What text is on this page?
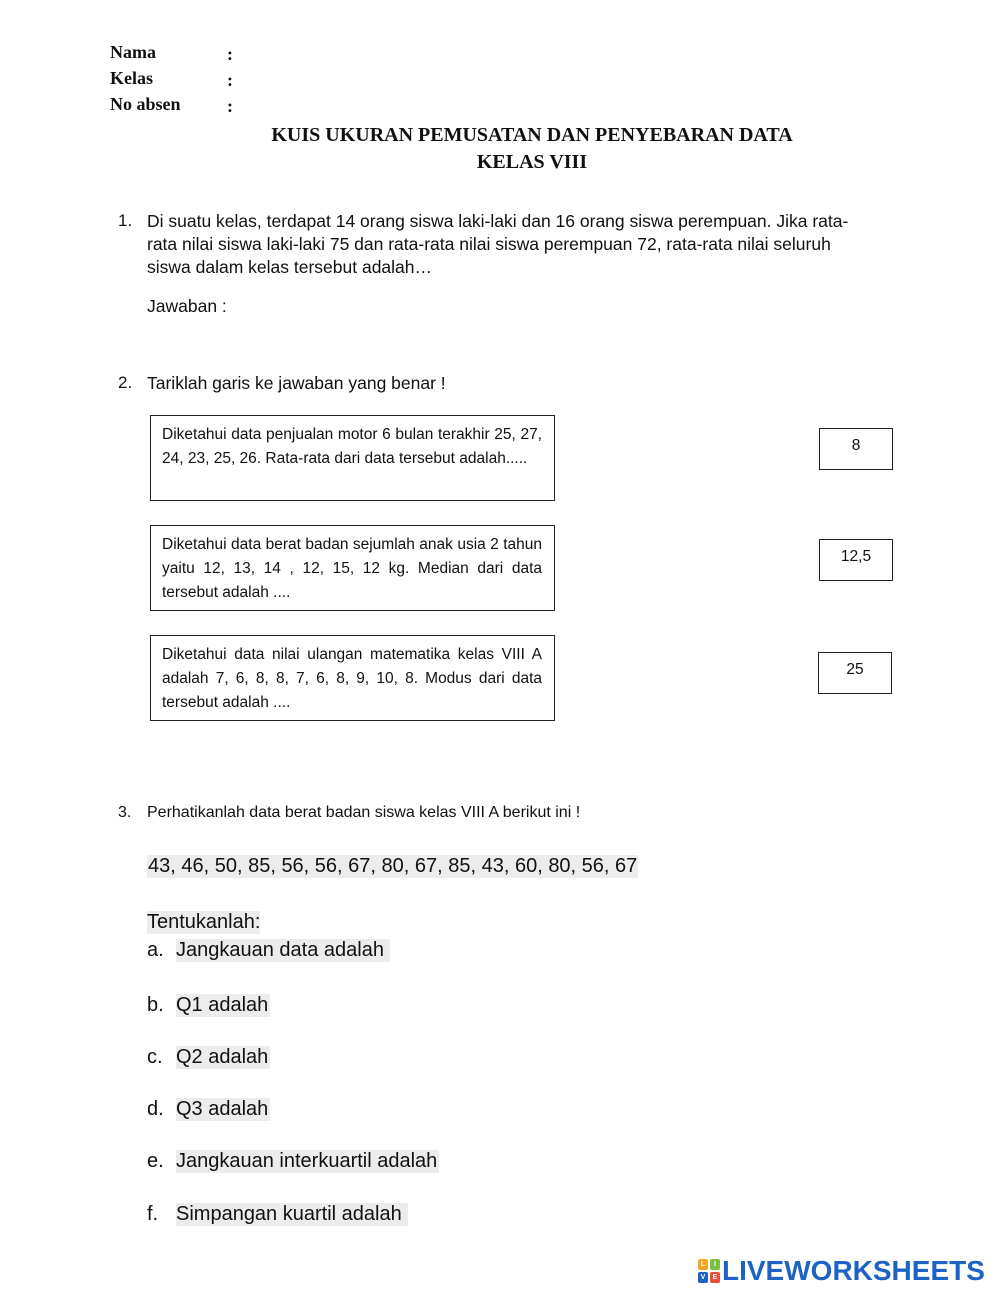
Nama	:
Kelas	:
No absen	:
KUIS UKURAN PEMUSATAN DAN PENYEBARAN DATA
KELAS VIII
1. Di suatu kelas, terdapat 14 orang siswa laki-laki dan 16 orang siswa perempuan. Jika rata-
rata nilai siswa laki-laki 75 dan rata-rata nilai siswa perempuan 72, rata-rata nilai seluruh
siswa dalam kelas tersebut adalah…
Jawaban :
2. Tariklah garis ke jawaban yang benar !
Diketahui data penjualan motor 6 bulan terakhir 25, 27, 24, 23, 25, 26. Rata-rata dari data tersebut adalah.....
Diketahui data berat badan sejumlah anak usia 2 tahun yaitu 12, 13, 14 , 12, 15, 12 kg. Median dari data tersebut adalah ....
Diketahui data nilai ulangan matematika kelas VIII A adalah 7, 6, 8, 8, 7, 6, 8, 9, 10, 8. Modus dari data tersebut adalah ....
8
12,5
25
3. Perhatikanlah data berat badan siswa kelas VIII A berikut ini !
43, 46, 50, 85, 56, 56, 67, 80, 67, 85, 43, 60, 80, 56, 67
Tentukanlah:
a. Jangkauan data adalah
b. Q1 adalah
c. Q2 adalah
d. Q3 adalah
e. Jangkauan interkuartil adalah
f. Simpangan kuartil adalah
L	I
V	E LIVEWORKSHEETS
